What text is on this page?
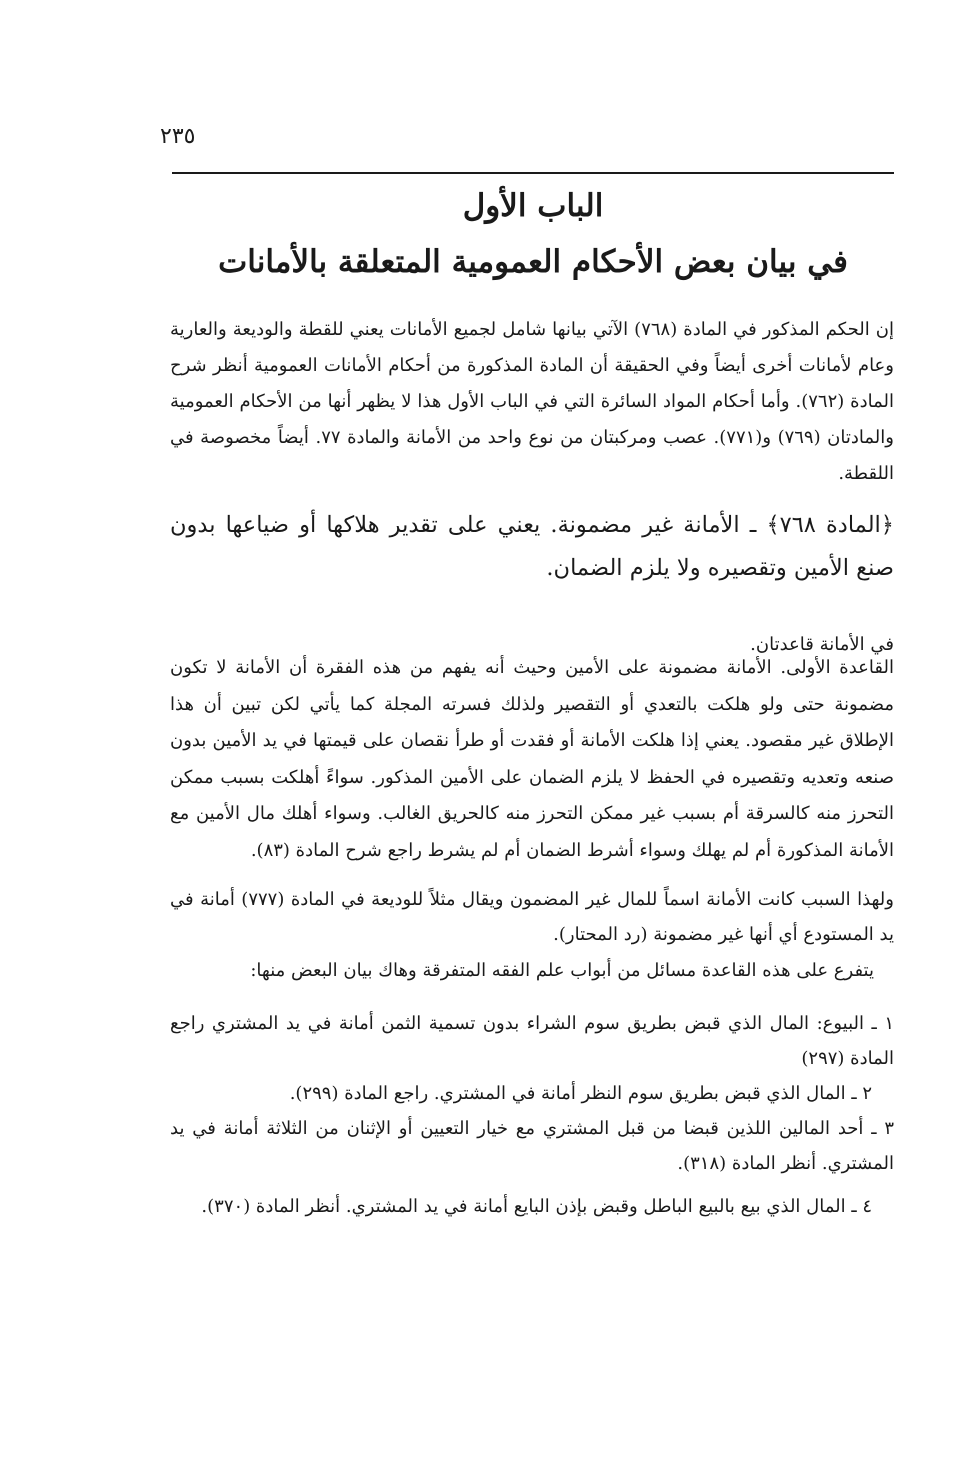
٢٣٥
الباب الأول
في بيان بعض الأحكام العمومية المتعلقة بالأمانات

إن الحكم المذكور في المادة (٧٦٨) الآتي بيانها شامل لجميع الأمانات يعني للقطة والوديعة والعارية وعام لأمانات أخرى أيضاً وفي الحقيقة أن المادة المذكورة من أحكام الأمانات العمومية أنظر شرح المادة (٧٦٢). وأما أحكام المواد السائرة التي في الباب الأول هذا لا يظهر أنها من الأحكام العمومية والمادتان (٧٦٩) و(٧٧١). عصب ومركبتان من نوع واحد من الأمانة والمادة ٧٧. أيضاً مخصوصة في اللقطة.

﴿المادة ٧٦٨﴾ ـ الأمانة غير مضمونة. يعني على تقدير هلاكها أو ضياعها بدون صنع الأمين وتقصيره ولا يلزم الضمان.

في الأمانة قاعدتان.

القاعدة الأولى. الأمانة مضمونة على الأمين وحيث أنه يفهم من هذه الفقرة أن الأمانة لا تكون مضمونة حتى ولو هلكت بالتعدي أو التقصير ولذلك فسرته المجلة كما يأتي لكن تبين أن هذا الإطلاق غير مقصود. يعني إذا هلكت الأمانة أو فقدت أو طرأ نقصان على قيمتها في يد الأمين بدون صنعه وتعديه وتقصيره في الحفظ لا يلزم الضمان على الأمين المذكور. سواءً أهلكت بسبب ممكن التحرز منه كالسرقة أم بسبب غير ممكن التحرز منه كالحريق الغالب. وسواء أهلك مال الأمين مع الأمانة المذكورة أم لم يهلك وسواء أشرط الضمان أم لم يشرط راجع شرح المادة (٨٣).

ولهذا السبب كانت الأمانة اسماً للمال غير المضمون ويقال مثلاً للوديعة في المادة (٧٧٧) أمانة في يد المستودع أي أنها غير مضمونة (رد المحتار).

يتفرع على هذه القاعدة مسائل من أبواب علم الفقه المتفرقة وهاك بيان البعض منها:

١ ـ البيوع: المال الذي قبض بطريق سوم الشراء بدون تسمية الثمن أمانة في يد المشتري راجع المادة (٢٩٧)

٢ ـ المال الذي قبض بطريق سوم النظر أمانة في المشتري. راجع المادة (٢٩٩).

٣ ـ أحد المالين اللذين قبضا من قبل المشتري مع خيار التعيين أو الإثنان من الثلاثة أمانة في يد المشتري. أنظر المادة (٣١٨).

٤ ـ المال الذي بيع بالبيع الباطل وقبض بإذن البايع أمانة في يد المشتري. أنظر المادة (٣٧٠).
